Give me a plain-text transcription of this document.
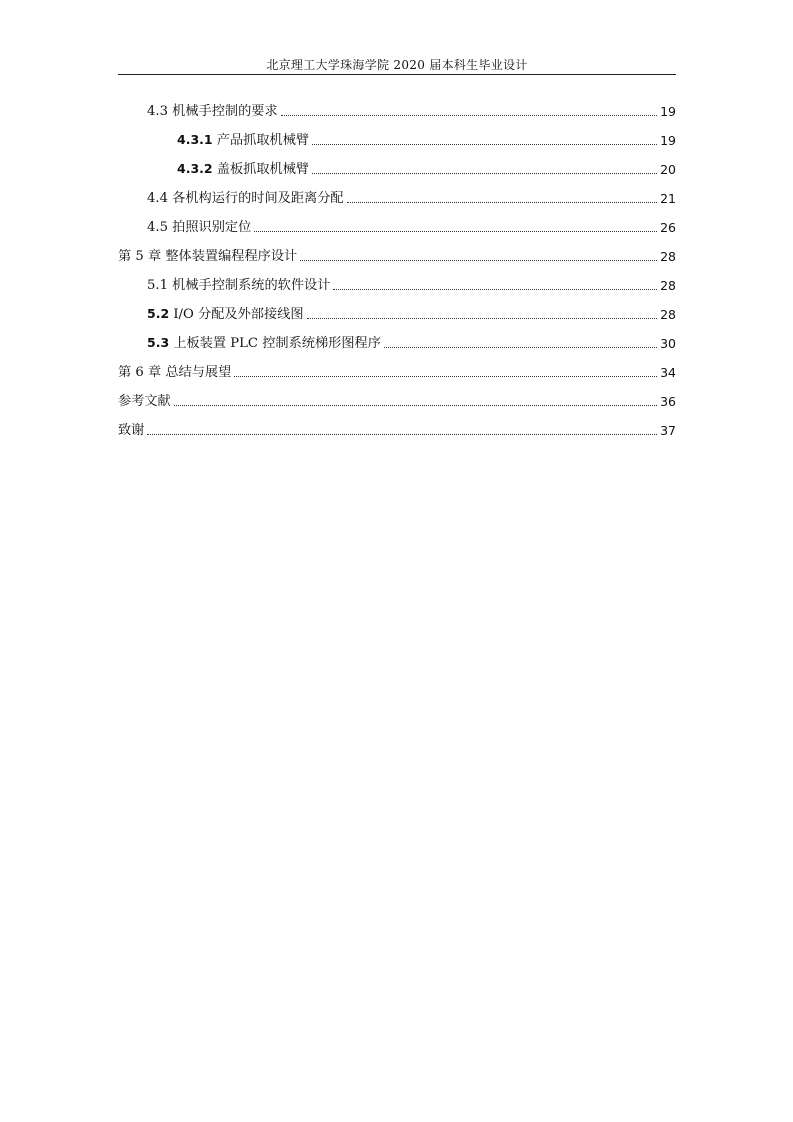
北京理工大学珠海学院 2020 届本科生毕业设计
4.3 机械手控制的要求	19
4.3.1 产品抓取机械臂	19
4.3.2 盖板抓取机械臂	20
4.4 各机构运行的时间及距离分配	21
4.5 拍照识别定位	26
第 5 章 整体装置编程程序设计	28
5.1 机械手控制系统的软件设计	28
5.2 I/O 分配及外部接线图	28
5.3 上板装置 PLC 控制系统梯形图程序	30
第 6 章 总结与展望	34
参考文献	36
致谢	37
